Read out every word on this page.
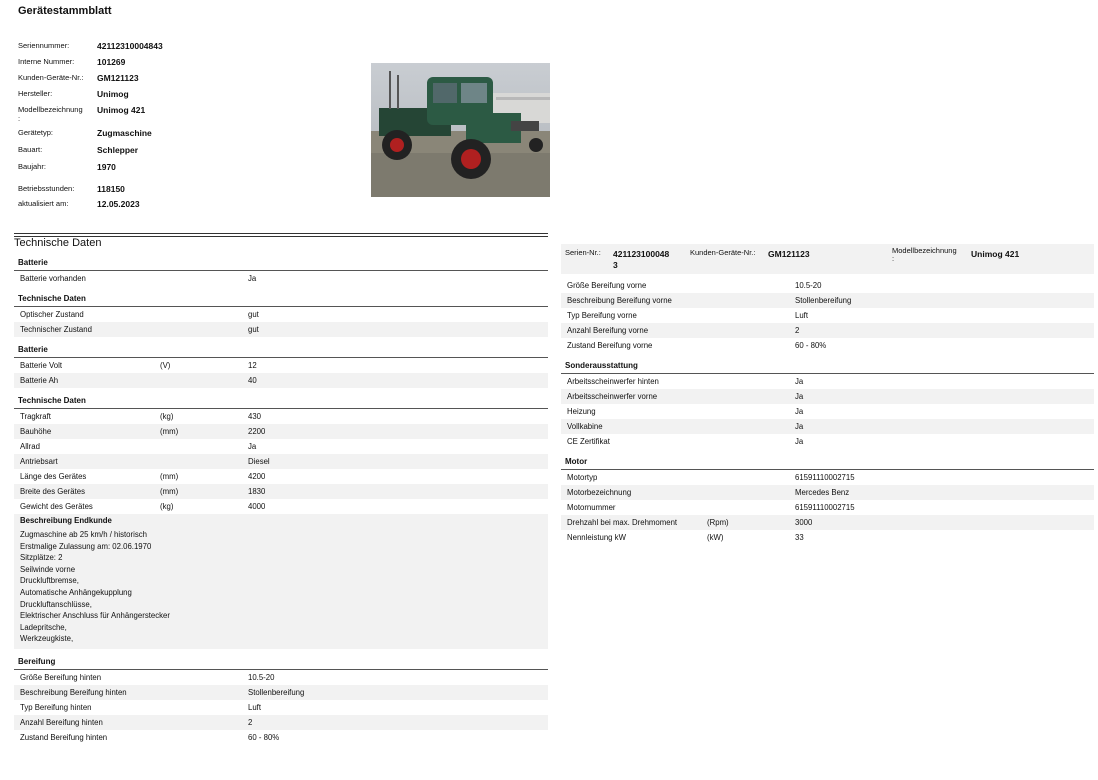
Gerätestammblatt
Seriennummer:	42112310004843
Interne Nummer:	101269
Kunden-Geräte-Nr.: GM121123
Hersteller:	Unimog
Modellbezeichnung
:
Unimog 421
Gerätetyp:	Zugmaschine
Bauart:	Schlepper
Baujahr:	1970
Betriebsstunden:	118150
aktualisiert am:	12.05.2023
Technische Daten
Batterie
Batterie vorhanden	Ja
Technische Daten
Optischer Zustand	gut
Technischer Zustand	gut
Batterie
Batterie Volt	(V)	12
Batterie Ah	40
Technische Daten
Tragkraft	(kg)	430
Bauhöhe	(mm)	2200
Allrad	Ja
Antriebsart	Diesel
Länge des Gerätes	(mm)	4200
Breite des Gerätes	(mm)	1830
Gewicht des Gerätes	(kg)	4000
Beschreibung Endkunde
Zugmaschine ab 25 km/h / historisch
Erstmalige Zulassung am: 02.06.1970
Sitzplätze: 2
Seilwinde vorne
Druckluftbremse,
Automatische Anhängekupplung
Druckluftanschlüsse,
Elektrischer Anschluss für Anhängerstecker
Ladepritsche,
Werkzeugkiste,
Bereifung
Größe Bereifung hinten	10.5-20
Beschreibung Bereifung hinten	Stollenbereifung
Typ Bereifung hinten	Luft
Anzahl Bereifung hinten	2
Zustand Bereifung hinten	60 - 80%
Serien-Nr.: 421123100048
3
Kunden-Geräte-Nr.: GM121123	Modellbezeichnung
:	Unimog 421
Größe Bereifung vorne	10.5-20
Beschreibung Bereifung vorne	Stollenbereifung
Typ Bereifung vorne	Luft
Anzahl Bereifung vorne	2
Zustand Bereifung vorne	60 - 80%
Sonderausstattung
Arbeitsscheinwerfer hinten	Ja
Arbeitsscheinwerfer vorne	Ja
Heizung	Ja
Vollkabine	Ja
CE Zertifikat	Ja
Motor
Motortyp	61591110002715
Motorbezeichnung	Mercedes Benz
Motornummer	61591110002715
Drehzahl bei max. Drehmoment	(Rpm)	3000
Nennleistung kW	(kW)	33
